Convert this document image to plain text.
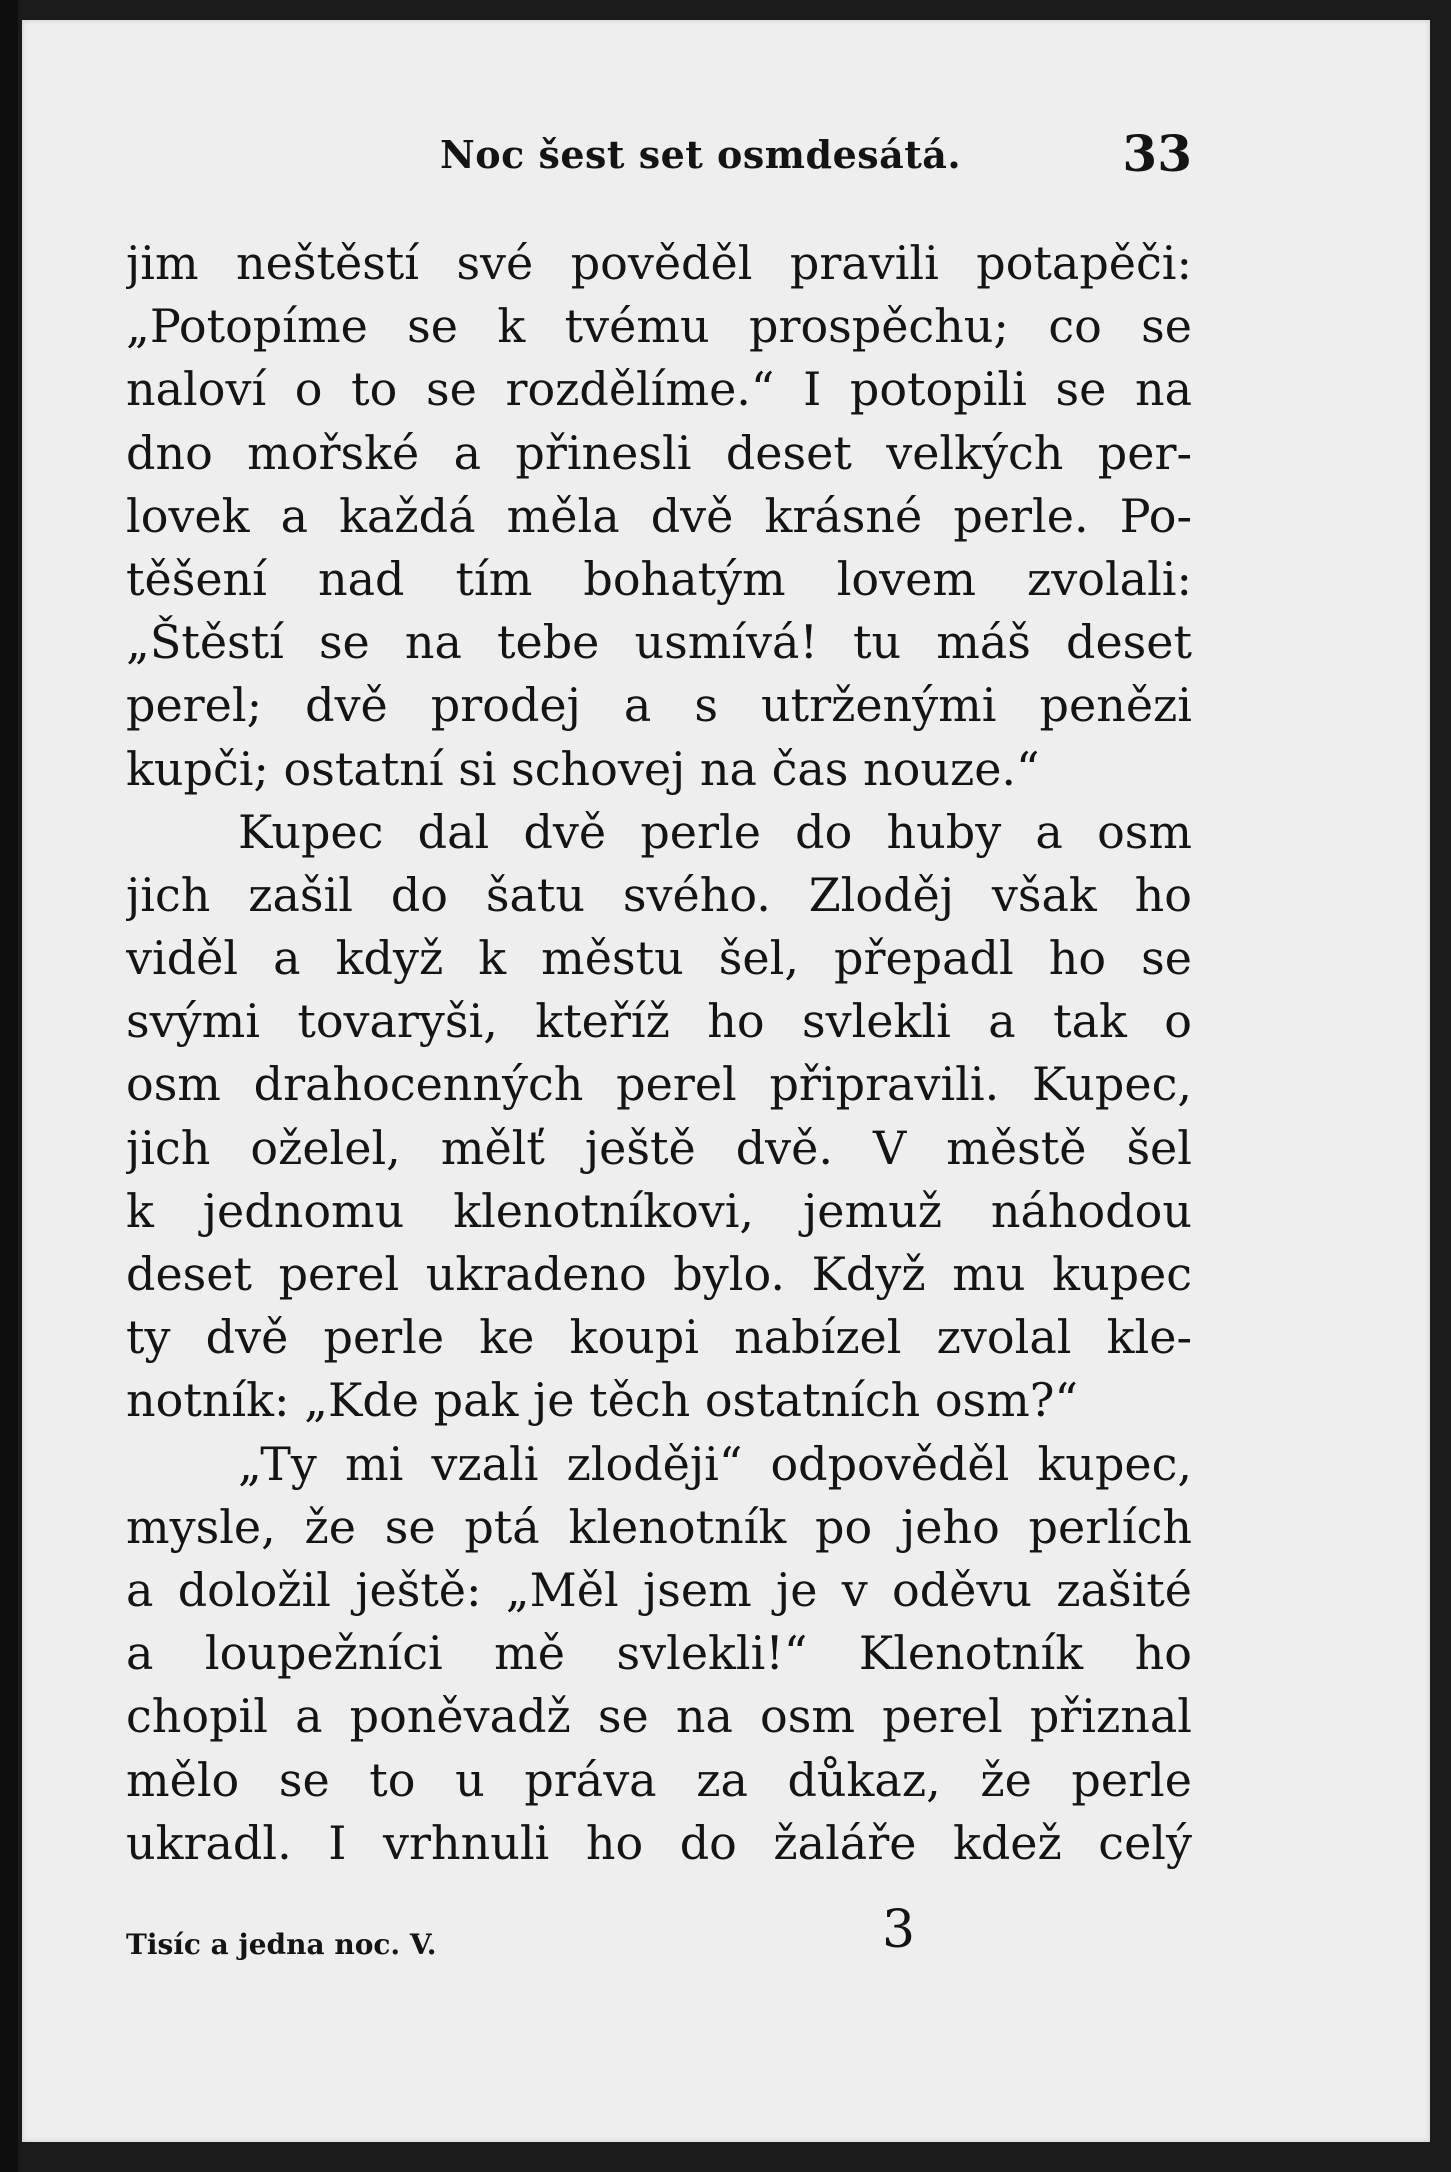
Noc šest set osmdesátá.	33
jim neštěstí své pověděl pravili potapěči:
„Potopíme se k tvému prospěchu; co se
naloví o to se rozdělíme.“ I potopili se na
dno mořské a přinesli deset velkých per-
lovek a každá měla dvě krásné perle. Po-
těšení nad tím bohatým lovem zvolali:
„Štěstí se na tebe usmívá! tu máš deset
perel; dvě prodej a s utrženými penězi
kupči; ostatní si schovej na čas nouze.“
Kupec dal dvě perle do huby a osm
jich zašil do šatu svého. Zloděj však ho
viděl a když k městu šel, přepadl ho se
svými tovaryši, kteříž ho svlekli a tak o
osm drahocenných perel připravili. Kupec,
jich oželel, mělť ještě dvě. V městě šel
k jednomu klenotníkovi, jemuž náhodou
deset perel ukradeno bylo. Když mu kupec
ty dvě perle ke koupi nabízel zvolal kle-
notník: „Kde pak je těch ostatních osm?“
„Ty mi vzali zloději“ odpověděl kupec,
mysle, že se ptá klenotník po jeho perlích
a doložil ještě: „Měl jsem je v oděvu zašité
a loupežníci mě svlekli!“ Klenotník ho
chopil a poněvadž se na osm perel přiznal
mělo se to u práva za důkaz, že perle
ukradl. I vrhnuli ho do žaláře kdež celý
Tisíc a jedna noc. V.	3
